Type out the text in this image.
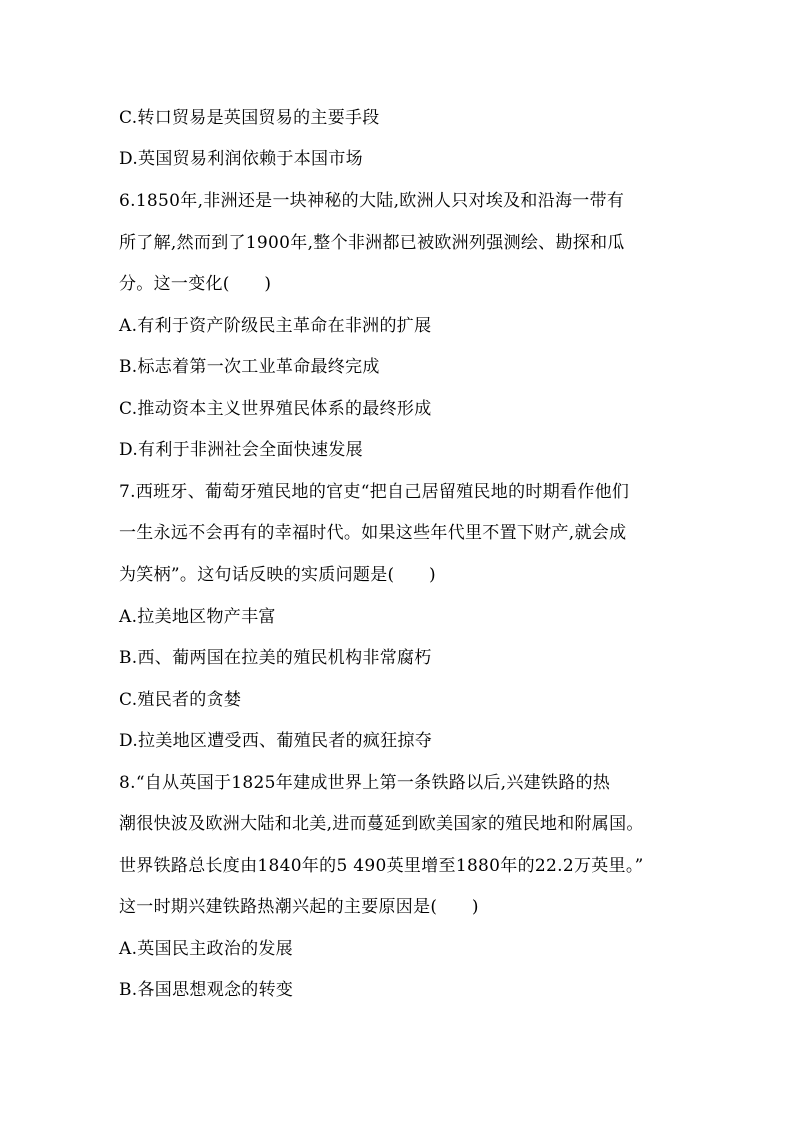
C.转口贸易是英国贸易的主要手段
D.英国贸易利润依赖于本国市场
6.1850年,非洲还是一块神秘的大陆,欧洲人只对埃及和沿海一带有
所了解,然而到了1900年,整个非洲都已被欧洲列强测绘、勘探和瓜
分。这一变化(　　)
A.有利于资产阶级民主革命在非洲的扩展
B.标志着第一次工业革命最终完成
C.推动资本主义世界殖民体系的最终形成
D.有利于非洲社会全面快速发展
7.西班牙、葡萄牙殖民地的官吏“把自己居留殖民地的时期看作他们
一生永远不会再有的幸福时代。如果这些年代里不置下财产,就会成
为笑柄”。这句话反映的实质问题是(　　)
A.拉美地区物产丰富
B.西、葡两国在拉美的殖民机构非常腐朽
C.殖民者的贪婪
D.拉美地区遭受西、葡殖民者的疯狂掠夺
8.“自从英国于1825年建成世界上第一条铁路以后,兴建铁路的热
潮很快波及欧洲大陆和北美,进而蔓延到欧美国家的殖民地和附属国。
世界铁路总长度由1840年的5 490英里增至1880年的22.2万英里。”
这一时期兴建铁路热潮兴起的主要原因是(　　)
A.英国民主政治的发展
B.各国思想观念的转变
